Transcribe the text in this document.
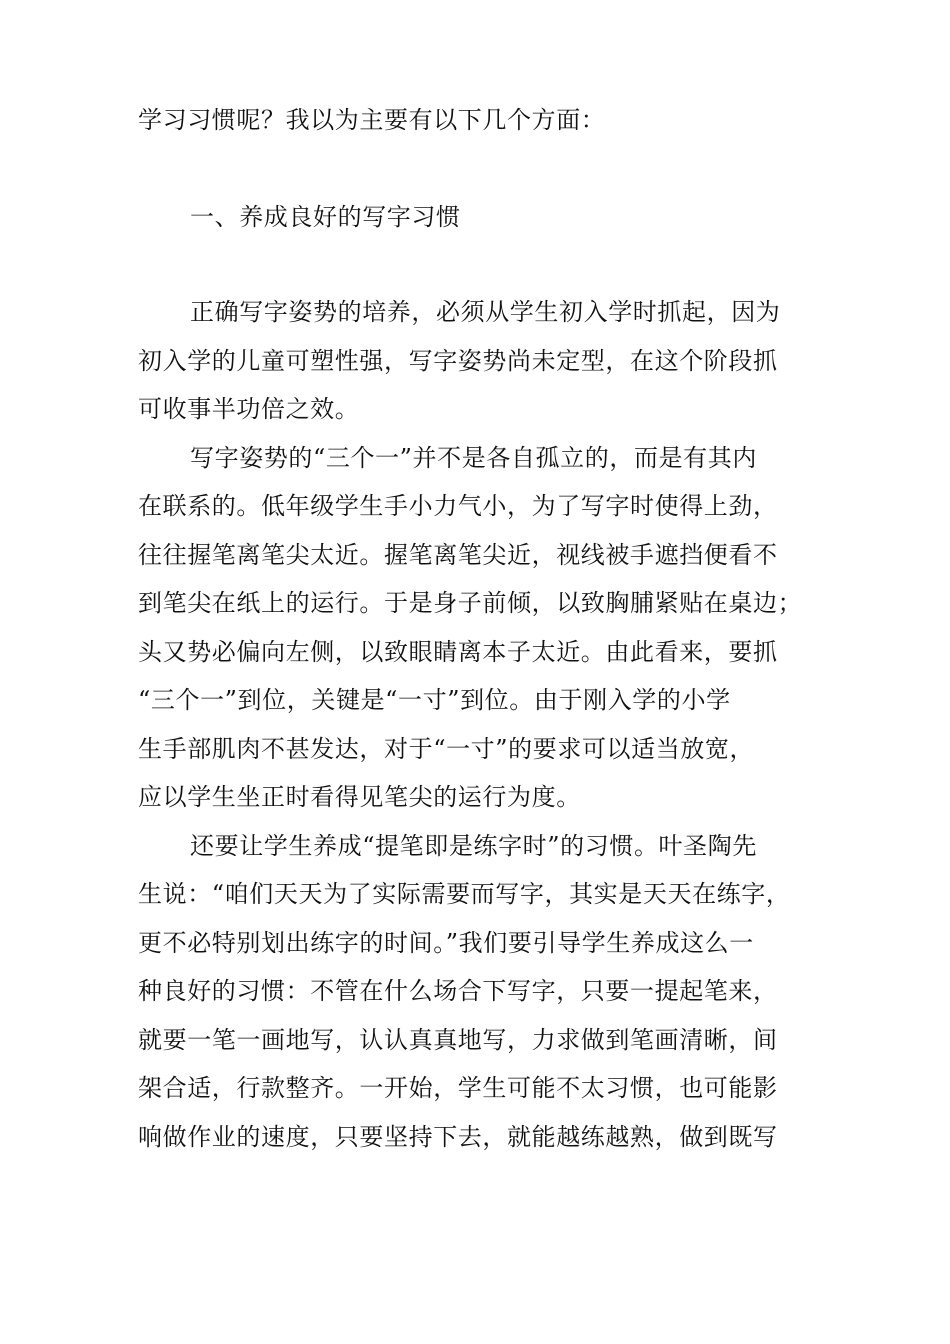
学习习惯呢？我以为主要有以下几个方面：
一、养成良好的写字习惯
正确写字姿势的培养，必须从学生初入学时抓起，因为
初入学的儿童可塑性强，写字姿势尚未定型，在这个阶段抓
可收事半功倍之效。
写字姿势的“三个一”并不是各自孤立的，而是有其内
在联系的。低年级学生手小力气小，为了写字时使得上劲，
往往握笔离笔尖太近。握笔离笔尖近，视线被手遮挡便看不
到笔尖在纸上的运行。于是身子前倾，以致胸脯紧贴在桌边；
头又势必偏向左侧，以致眼睛离本子太近。由此看来，要抓
“三个一”到位，关键是“一寸”到位。由于刚入学的小学
生手部肌肉不甚发达，对于“一寸”的要求可以适当放宽，
应以学生坐正时看得见笔尖的运行为度。
还要让学生养成“提笔即是练字时”的习惯。叶圣陶先
生说：“咱们天天为了实际需要而写字，其实是天天在练字，
更不必特别划出练字的时间。”我们要引导学生养成这么一
种良好的习惯：不管在什么场合下写字，只要一提起笔来，
就要一笔一画地写，认认真真地写，力求做到笔画清晰，间
架合适，行款整齐。一开始，学生可能不太习惯，也可能影
响做作业的速度，只要坚持下去，就能越练越熟，做到既写
